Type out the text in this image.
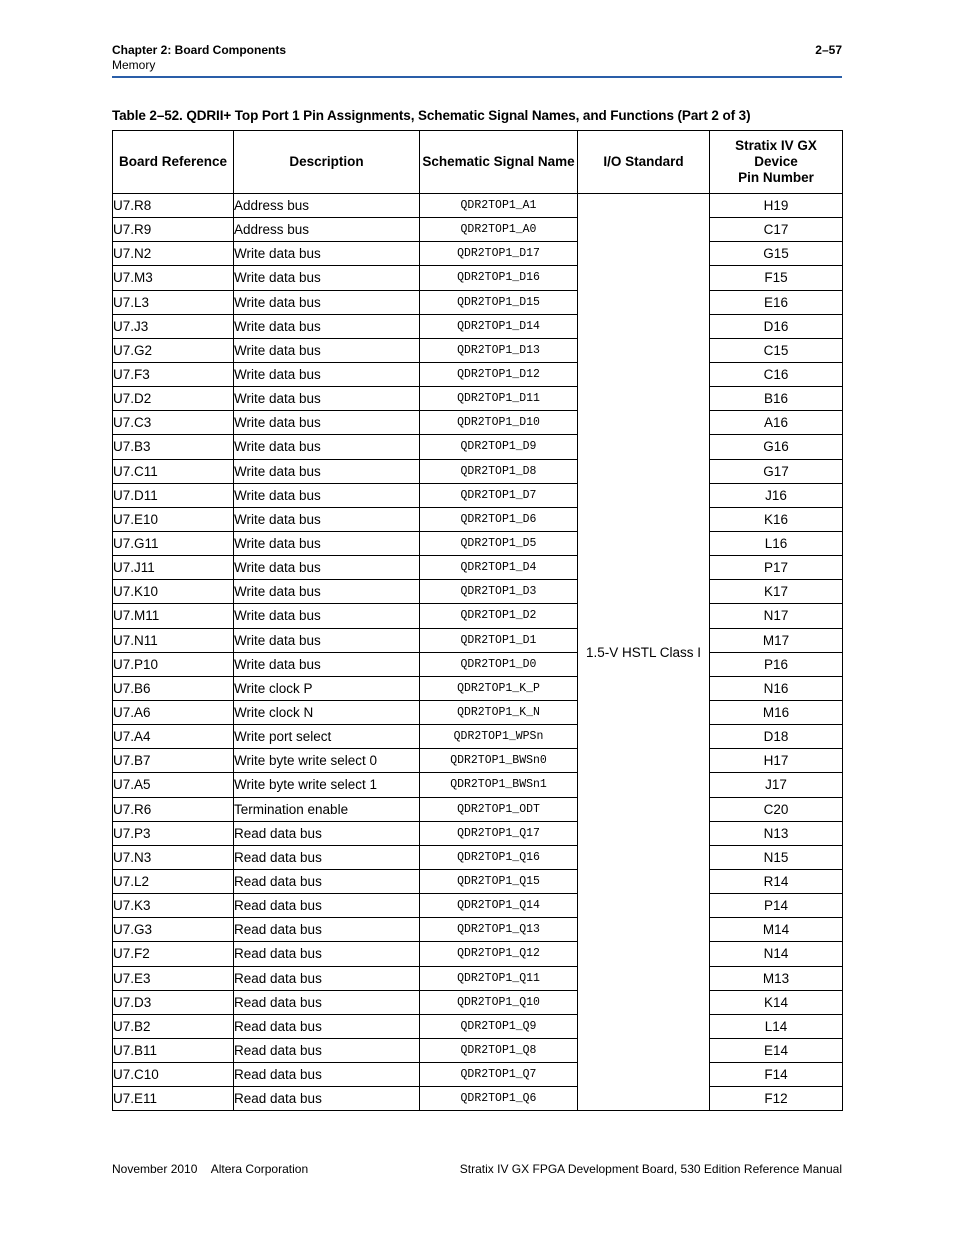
Chapter 2: Board Components
Memory
2–57
Table 2–52. QDRII+ Top Port 1 Pin Assignments, Schematic Signal Names, and Functions (Part 2 of 3)
Board Reference	Description	Schematic Signal Name	I/O Standard	Stratix IV GX
Device
Pin Number

U7.R8	Address bus	QDR2TOP1_A1	1.5-V HSTL Class I	H19
U7.R9	Address bus	QDR2TOP1_A0		C17
U7.N2	Write data bus	QDR2TOP1_D17		G15
U7.M3	Write data bus	QDR2TOP1_D16		F15
U7.L3	Write data bus	QDR2TOP1_D15		E16
U7.J3	Write data bus	QDR2TOP1_D14		D16
U7.G2	Write data bus	QDR2TOP1_D13		C15
U7.F3	Write data bus	QDR2TOP1_D12		C16
U7.D2	Write data bus	QDR2TOP1_D11		B16
U7.C3	Write data bus	QDR2TOP1_D10		A16
U7.B3	Write data bus	QDR2TOP1_D9		G16
U7.C11	Write data bus	QDR2TOP1_D8		G17
U7.D11	Write data bus	QDR2TOP1_D7		J16
U7.E10	Write data bus	QDR2TOP1_D6		K16
U7.G11	Write data bus	QDR2TOP1_D5		L16
U7.J11	Write data bus	QDR2TOP1_D4		P17
U7.K10	Write data bus	QDR2TOP1_D3		K17
U7.M11	Write data bus	QDR2TOP1_D2		N17
U7.N11	Write data bus	QDR2TOP1_D1		M17
U7.P10	Write data bus	QDR2TOP1_D0		P16
U7.B6	Write clock P	QDR2TOP1_K_P		N16
U7.A6	Write clock N	QDR2TOP1_K_N		M16
U7.A4	Write port select	QDR2TOP1_WPSn		D18
U7.B7	Write byte write select 0	QDR2TOP1_BWSn0		H17
U7.A5	Write byte write select 1	QDR2TOP1_BWSn1		J17
U7.R6	Termination enable	QDR2TOP1_ODT		C20
U7.P3	Read data bus	QDR2TOP1_Q17		N13
U7.N3	Read data bus	QDR2TOP1_Q16		N15
U7.L2	Read data bus	QDR2TOP1_Q15		R14
U7.K3	Read data bus	QDR2TOP1_Q14		P14
U7.G3	Read data bus	QDR2TOP1_Q13		M14
U7.F2	Read data bus	QDR2TOP1_Q12		N14
U7.E3	Read data bus	QDR2TOP1_Q11		M13
U7.D3	Read data bus	QDR2TOP1_Q10		K14
U7.B2	Read data bus	QDR2TOP1_Q9		L14
U7.B11	Read data bus	QDR2TOP1_Q8		E14
U7.C10	Read data bus	QDR2TOP1_Q7		F14
U7.E11	Read data bus	QDR2TOP1_Q6		F12
November 2010 Altera Corporation	Stratix IV GX FPGA Development Board, 530 Edition Reference Manual
